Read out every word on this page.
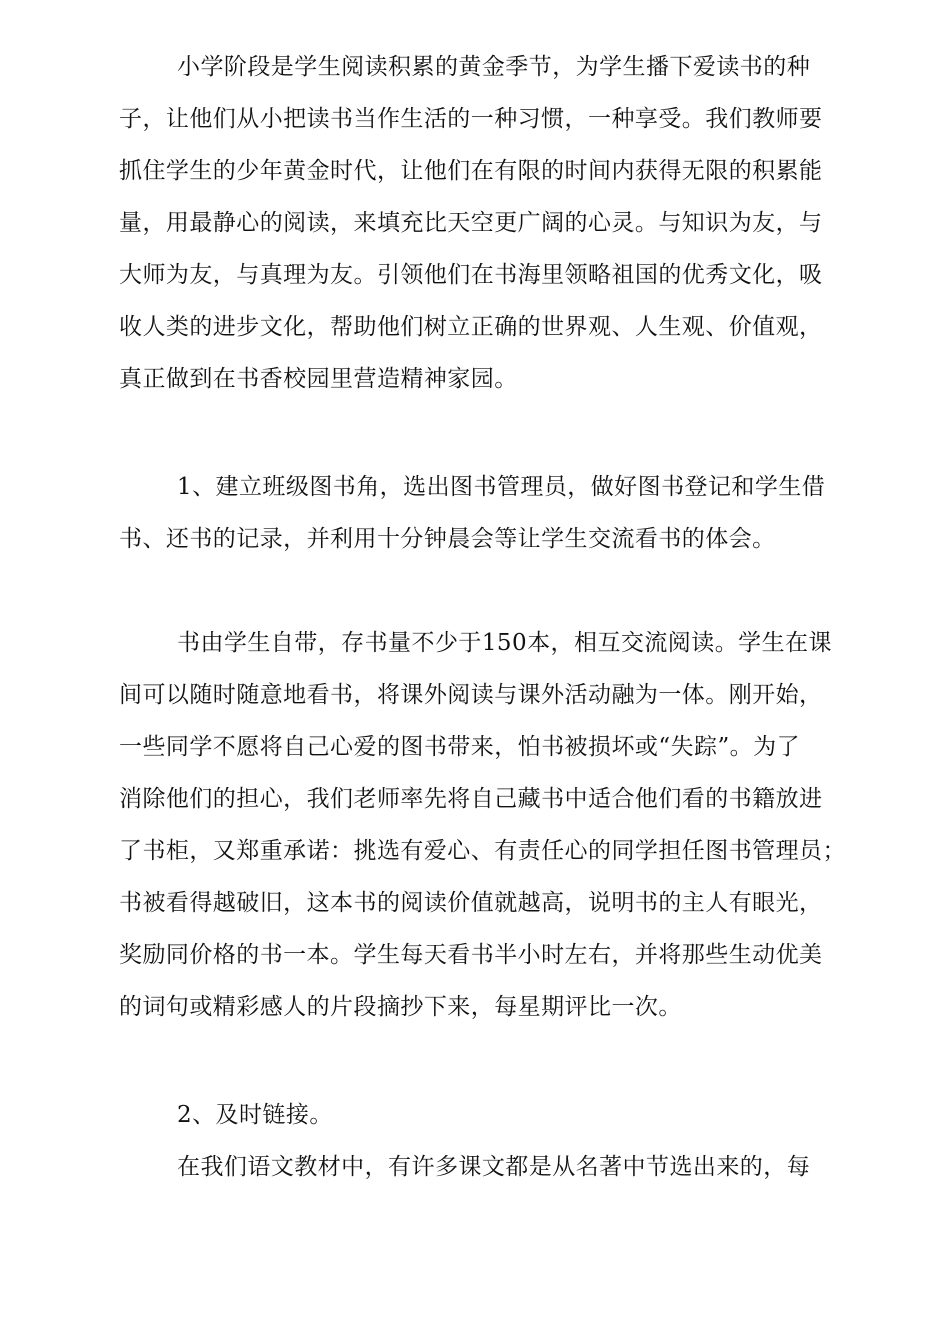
小学阶段是学生阅读积累的黄金季节，为学生播下爱读书的种

子，让他们从小把读书当作生活的一种习惯，一种享受。我们教师要

抓住学生的少年黄金时代，让他们在有限的时间内获得无限的积累能

量，用最静心的阅读，来填充比天空更广阔的心灵。与知识为友，与

大师为友，与真理为友。引领他们在书海里领略祖国的优秀文化，吸

收人类的进步文化，帮助他们树立正确的世界观、人生观、价值观，

真正做到在书香校园里营造精神家园。

1、建立班级图书角，选出图书管理员，做好图书登记和学生借

书、还书的记录，并利用十分钟晨会等让学生交流看书的体会。

书由学生自带，存书量不少于150本，相互交流阅读。学生在课

间可以随时随意地看书，将课外阅读与课外活动融为一体。刚开始，

一些同学不愿将自己心爱的图书带来，怕书被损坏或“失踪”。为了

消除他们的担心，我们老师率先将自己藏书中适合他们看的书籍放进

了书柜，又郑重承诺：挑选有爱心、有责任心的同学担任图书管理员；

书被看得越破旧，这本书的阅读价值就越高，说明书的主人有眼光，

奖励同价格的书一本。学生每天看书半小时左右，并将那些生动优美

的词句或精彩感人的片段摘抄下来，每星期评比一次。

2、及时链接。

在我们语文教材中，有许多课文都是从名著中节选出来的，每
